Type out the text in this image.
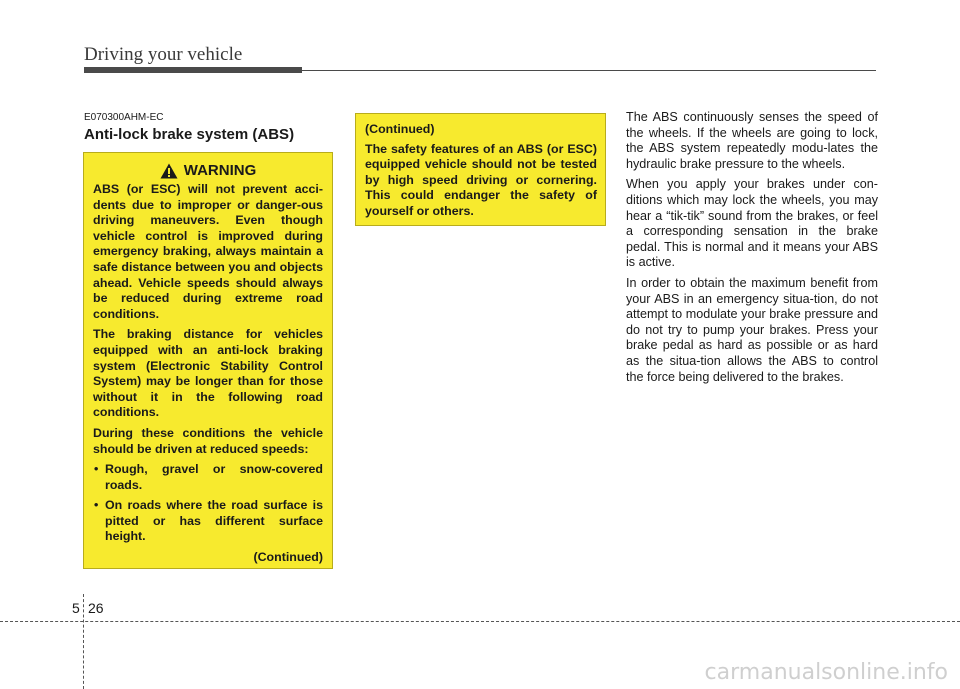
Driving your vehicle
E070300AHM-EC
Anti-lock brake system (ABS)
WARNING

ABS (or ESC) will not prevent acci-dents due to improper or danger-ous driving maneuvers. Even though vehicle control is improved during emergency braking, always maintain a safe distance between you and objects ahead. Vehicle speeds should always be reduced during extreme road conditions.

The braking distance for vehicles equipped with an anti-lock braking system (Electronic Stability Control System) may be longer than for those without it in the following road conditions.

During these conditions the vehicle should be driven at reduced speeds:

• Rough, gravel or snow-covered roads.
• On roads where the road surface is pitted or has different surface height.
(Continued)

(Continued)

The safety features of an ABS (or ESC) equipped vehicle should not be tested by high speed driving or cornering. This could endanger the safety of yourself or others.

The ABS continuously senses the speed of the wheels. If the wheels are going to lock, the ABS system repeatedly modu-lates the hydraulic brake pressure to the wheels.

When you apply your brakes under con-ditions which may lock the wheels, you may hear a “tik-tik” sound from the brakes, or feel a corresponding sensation in the brake pedal. This is normal and it means your ABS is active.

In order to obtain the maximum benefit from your ABS in an emergency situa-tion, do not attempt to modulate your brake pressure and do not try to pump your brakes. Press your brake pedal as hard as possible or as hard as the situa-tion allows the ABS to control the force being delivered to the brakes.

5 26
carmanualsonline.info
